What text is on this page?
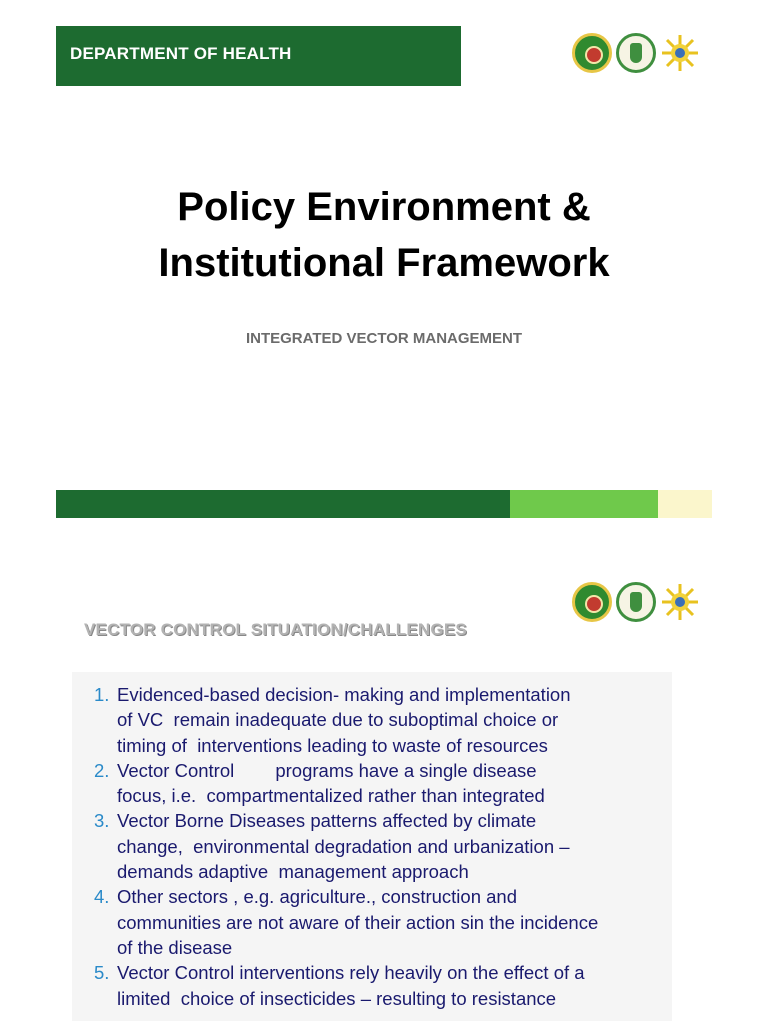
DEPARTMENT OF HEALTH
Policy Environment &
Institutional Framework
INTEGRATED VECTOR MANAGEMENT
VECTOR CONTROL SITUATION/CHALLENGES
1. Evidenced-based decision- making and implementation
of VC  remain inadequate due to suboptimal choice or
timing of  interventions leading to waste of resources
2. Vector Control        programs have a single disease
focus, i.e.  compartmentalized rather than integrated
3. Vector Borne Diseases patterns affected by climate
change,  environmental degradation and urbanization –
demands adaptive  management approach
4. Other sectors , e.g. agriculture., construction and
communities are not aware of their action sin the incidence
of the disease
5. Vector Control interventions rely heavily on the effect of a
limited  choice of insecticides – resulting to resistance
